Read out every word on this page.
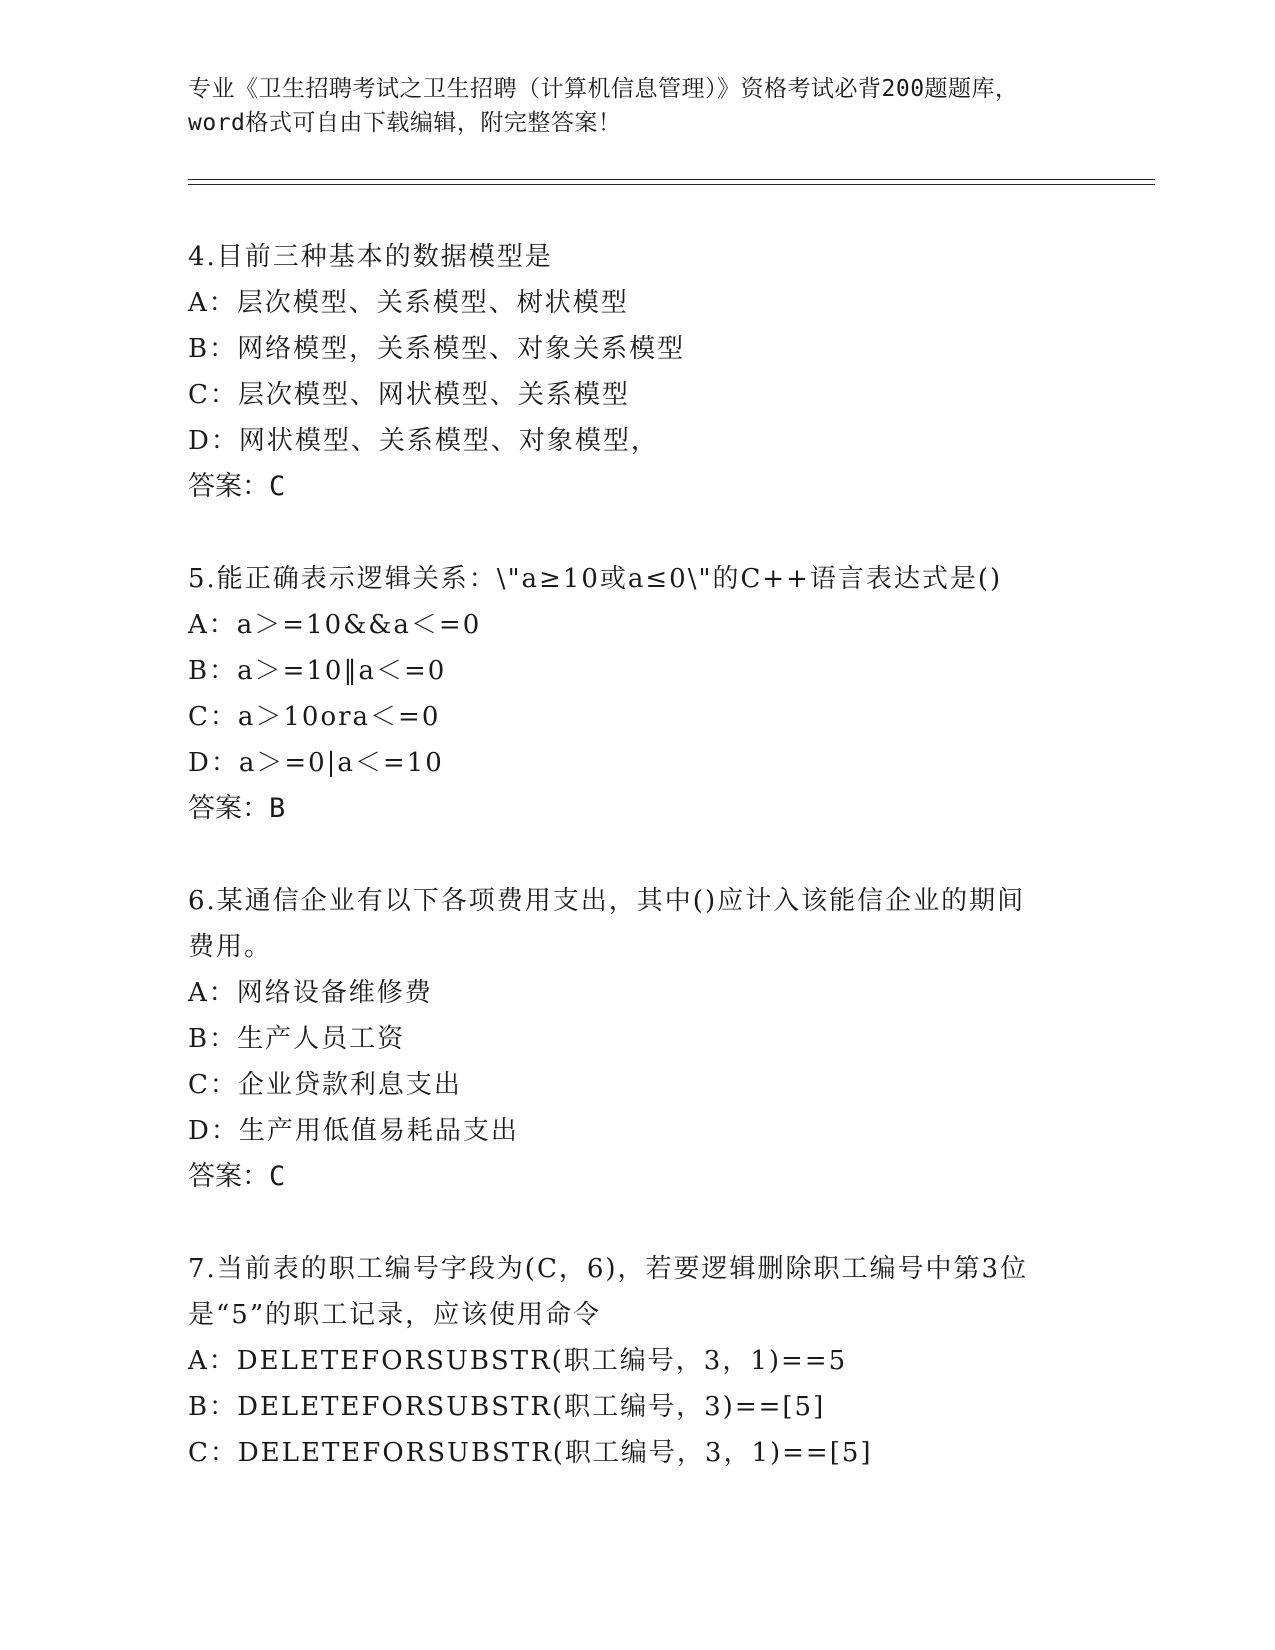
专业《卫生招聘考试之卫生招聘（计算机信息管理）》资格考试必背200题题库，
word格式可自由下载编辑，附完整答案！
4.目前三种基本的数据模型是
A：层次模型、关系模型、树状模型
B：网络模型，关系模型、对象关系模型
C：层次模型、网状模型、关系模型
D：网状模型、关系模型、对象模型，
答案：C
5.能正确表示逻辑关系：\"a≥10或a≤0\"的C++语言表达式是()
A：a＞=10&&a＜=0
B：a＞=10‖a＜=0
C：a＞10ora＜=0
D：a＞=0|a＜=10
答案：B
6.某通信企业有以下各项费用支出，其中()应计入该能信企业的期间
费用。
A：网络设备维修费
B：生产人员工资
C：企业贷款利息支出
D：生产用低值易耗品支出
答案：C
7.当前表的职工编号字段为(C，6)，若要逻辑删除职工编号中第3位
是“5”的职工记录，应该使用命令
A：DELETEFORSUBSTR(职工编号，3，1)==5
B：DELETEFORSUBSTR(职工编号，3)==[5]
C：DELETEFORSUBSTR(职工编号，3，1)==[5]
